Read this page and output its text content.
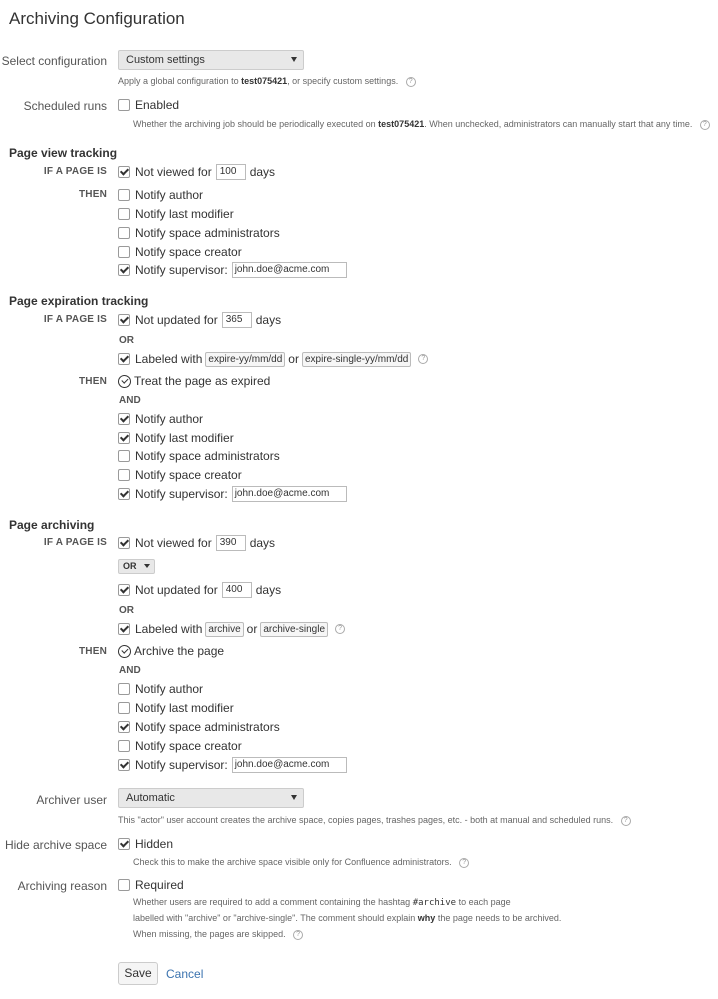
Archiving Configuration
Select configuration	Custom settings
Apply a global configuration to test075421, or specify custom settings. ?
Scheduled runs Enabled
Whether the archiving job should be periodically executed on test075421. When unchecked, administrators can manually start that any time. ?
Page view tracking
IF A PAGE IS Not viewed for 100	days
THEN Notify author
Notify last modifier
Notify space administrators
Notify space creator
Notify supervisor: john.doe@acme.com
Page expiration tracking
IF A PAGE IS Not updated for 365	days
OR
Labeled with expire-yy/mm/dd or expire-single-yy/mm/dd	?
THEN Treat the page as expired
AND
Notify author
Notify last modifier
Notify space administrators
Notify space creator
Notify supervisor: john.doe@acme.com
Page archiving
IF A PAGE IS Not viewed for 390	days
OR
Not updated for 400	days
OR
Labeled with archive or archive-single	?
THEN Archive the page
AND
Notify author
Notify last modifier
Notify space administrators
Notify space creator
Notify supervisor: john.doe@acme.com
Archiver user	Automatic
This "actor" user account creates the archive space, copies pages, trashes pages, etc. - both at manual and scheduled runs. ?
Hide archive space Hidden
Check this to make the archive space visible only for Confluence administrators. ?
Archiving reason Required
Whether users are required to add a comment containing the hashtag #archive to each page
labelled with "archive" or "archive-single". The comment should explain why the page needs to be archived.
When missing, the pages are skipped. ?
Save	Cancel
